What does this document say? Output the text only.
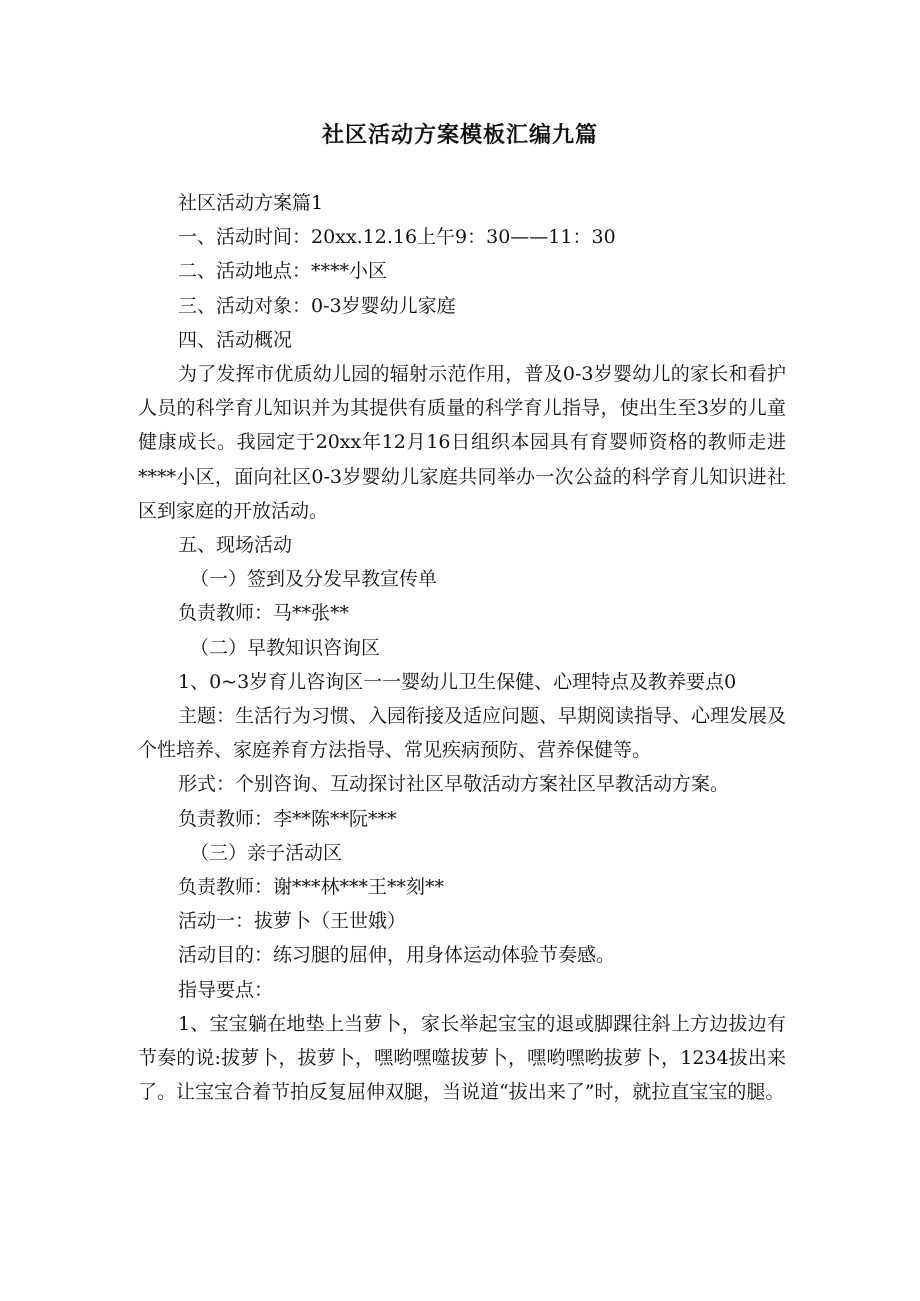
社区活动方案模板汇编九篇

社区活动方案篇1

一、活动时间：20xx.12.16上午9：30——11：30

二、活动地点：****小区

三、活动对象：0-3岁婴幼儿家庭

四、活动概况

为了发挥市优质幼儿园的辐射示范作用，普及0-3岁婴幼儿的家长和看护人员的科学育儿知识并为其提供有质量的科学育儿指导，使出生至3岁的儿童健康成长。我园定于20xx年12月16日组织本园具有育婴师资格的教师走进****小区，面向社区0-3岁婴幼儿家庭共同举办一次公益的科学育儿知识进社区到家庭的开放活动。

五、现场活动

（一）签到及分发早教宣传单

负责教师：马**张**

（二）早教知识咨询区

1、0~3岁育儿咨询区一一婴幼儿卫生保健、心理特点及教养要点0

主题：生活行为习惯、入园衔接及适应问题、早期阅读指导、心理发展及个性培养、家庭养育方法指导、常见疾病预防、营养保健等。

形式：个别咨询、互动探讨社区早敬活动方案社区早教活动方案。

负责教师：李**陈**阮***

（三）亲子活动区

负责教师：谢***林***王**刻**

活动一：拔萝卜（王世娥）

活动目的：练习腿的屈伸，用身体运动体验节奏感。

指导要点：

1、宝宝躺在地垫上当萝卜，家长举起宝宝的退或脚踝往斜上方边拔边有节奏的说:拔萝卜，拔萝卜，嘿哟嘿噬拔萝卜，嘿哟嘿哟拔萝卜，1234拔出来了。让宝宝合着节拍反复屈伸双腿，当说道“拔出来了”时，就拉直宝宝的腿。
